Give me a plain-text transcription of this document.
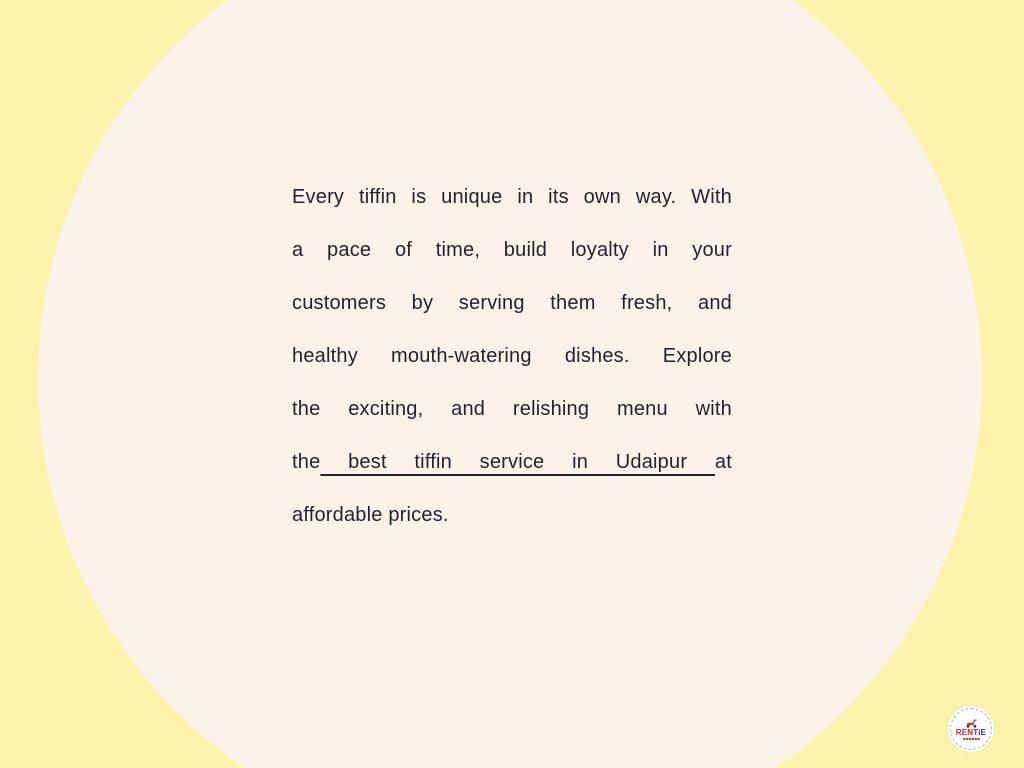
Every tiffin is unique in its own way. With
a pace of time, build loyalty in your
customers by serving them fresh, and
healthy mouth-watering dishes. Explore
the exciting, and relishing menu with
the best tiffin service in Udaipur at
affordable prices.
RENTiE
